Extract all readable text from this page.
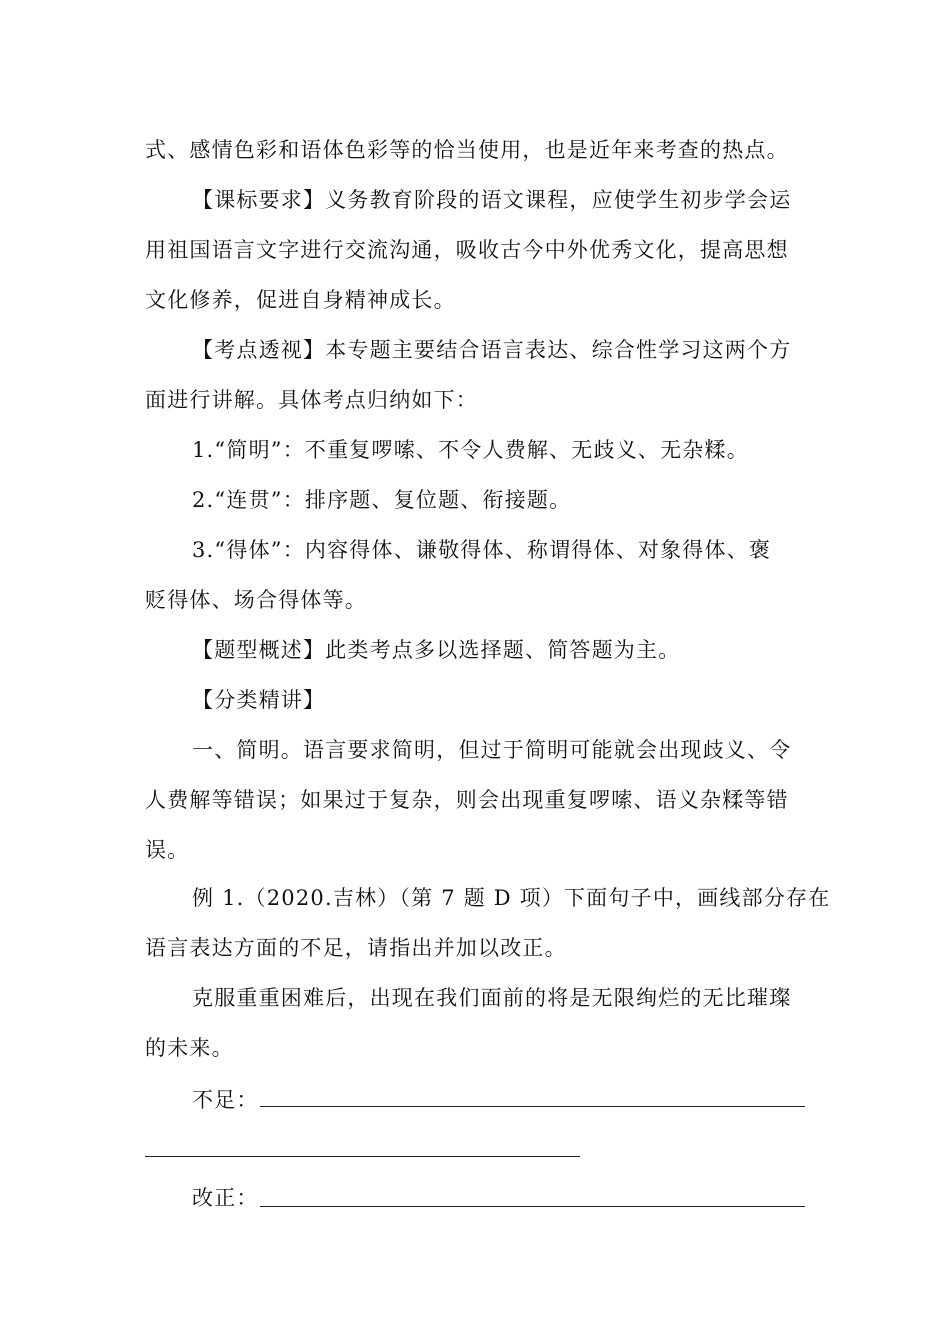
式、感情色彩和语体色彩等的恰当使用，也是近年来考查的热点。
【课标要求】义务教育阶段的语文课程，应使学生初步学会运
用祖国语言文字进行交流沟通，吸收古今中外优秀文化，提高思想
文化修养，促进自身精神成长。
【考点透视】本专题主要结合语言表达、综合性学习这两个方
面进行讲解。具体考点归纳如下：
1.“简明”：不重复啰嗦、不令人费解、无歧义、无杂糅。
2.“连贯”：排序题、复位题、衔接题。
3.“得体”：内容得体、谦敬得体、称谓得体、对象得体、褒
贬得体、场合得体等。
【题型概述】此类考点多以选择题、简答题为主。
【分类精讲】
一、简明。语言要求简明，但过于简明可能就会出现歧义、令
人费解等错误；如果过于复杂，则会出现重复啰嗦、语义杂糅等错
误。
例 1.（2020.吉林）（第 7 题 D 项）下面句子中，画线部分存在
语言表达方面的不足，请指出并加以改正。
克服重重困难后，出现在我们面前的将是无限绚烂的无比璀璨
的未来。
不足：
改正：
